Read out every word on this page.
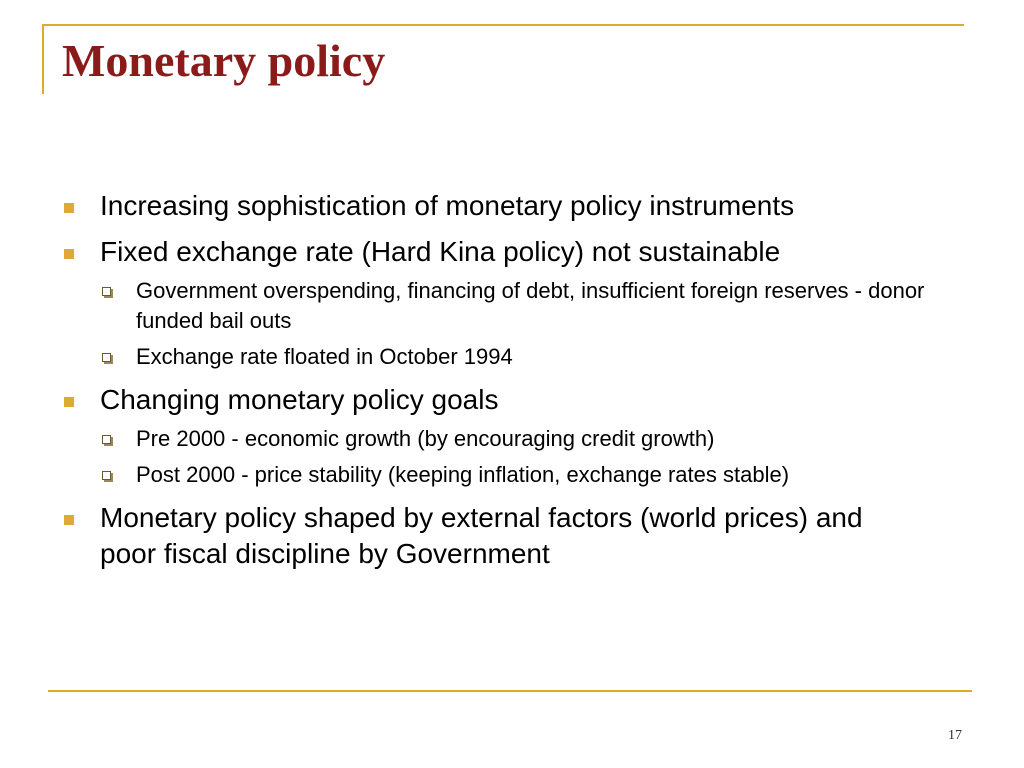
Monetary policy
Increasing sophistication of monetary policy instruments
Fixed exchange rate (Hard Kina policy) not sustainable
Government overspending, financing of debt, insufficient foreign reserves - donor funded bail outs
Exchange rate floated in October 1994
Changing monetary policy goals
Pre 2000 - economic growth (by encouraging credit growth)
Post 2000 - price stability (keeping inflation, exchange rates stable)
Monetary policy shaped by external factors (world prices) and poor fiscal discipline by Government
17
